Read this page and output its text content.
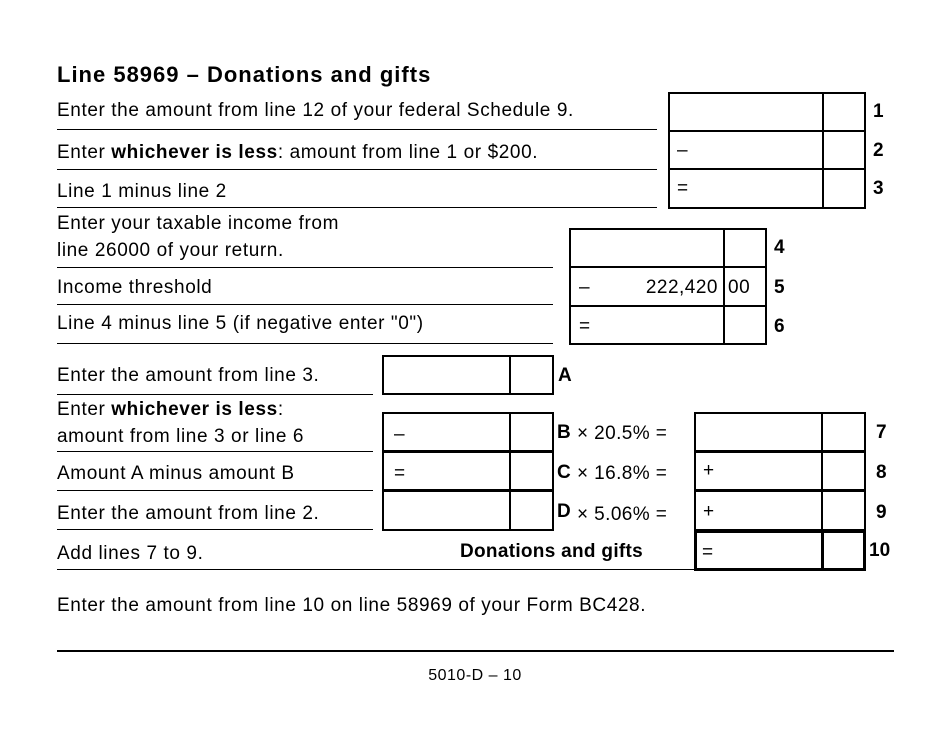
Line 58969 – Donations and gifts
Enter the amount from line 12 of your federal Schedule 9.
Enter whichever is less: amount from line 1 or $200.
Line 1 minus line 2
–
=
1
2
3
Enter your taxable income from
line 26000 of your return.
Income threshold
Line 4 minus line 5 (if negative enter "0")
–	222,420 00
=
4
5
6
Enter the amount from line 3.
Enter whichever is less:
amount from line 3 or line 6
Amount A minus amount B
Enter the amount from line 2.
–
=
A
B
C
D
× 20.5% =
× 16.8% =
× 5.06% =
+
+
=
7
8
9
10
Add lines 7 to 9.	Donations and gifts
Enter the amount from line 10 on line 58969 of your Form BC428.
5010-D – 10
